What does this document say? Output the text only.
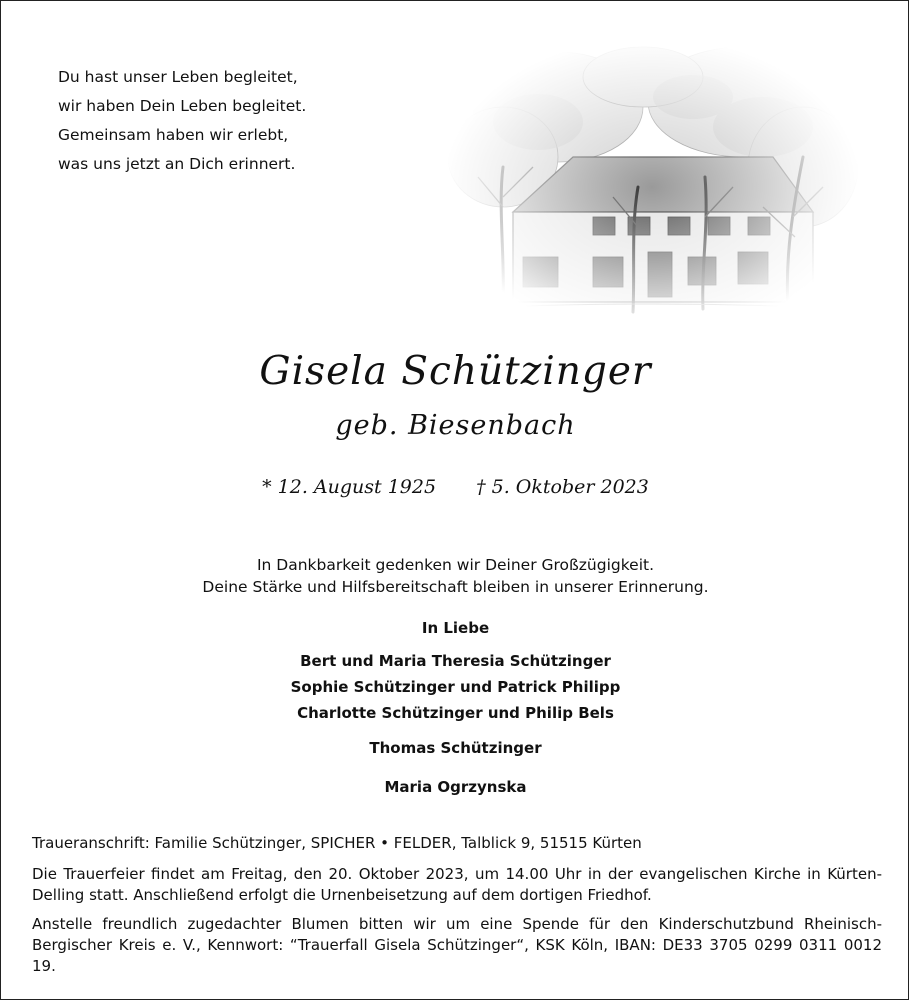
Du hast unser Leben begleitet,
wir haben Dein Leben begleitet.
Gemeinsam haben wir erlebt,
was uns jetzt an Dich erinnert.

Gisela Schützinger
geb. Biesenbach
* 12. August 1925 † 5. Oktober 2023
In Dankbarkeit gedenken wir Deiner Großzügigkeit.
Deine Stärke und Hilfsbereitschaft bleiben in unserer Erinnerung.
In Liebe
Bert und Maria Theresia Schützinger
Sophie Schützinger und Patrick Philipp
Charlotte Schützinger und Philip Bels
Thomas Schützinger
Maria Ogrzynska
Traueranschrift: Familie Schützinger, SPICHER • FELDER, Talblick 9, 51515 Kürten
Die Trauerfeier findet am Freitag, den 20. Oktober 2023, um 14.00 Uhr in der evangelischen Kirche in Kürten-Delling statt. Anschließend erfolgt die Urnenbeisetzung auf dem dortigen Friedhof.
Anstelle freundlich zugedachter Blumen bitten wir um eine Spende für den Kinderschutzbund Rheinisch-Bergischer Kreis e. V., Kennwort: “Trauerfall Gisela Schützinger“, KSK Köln, IBAN: DE33 3705 0299 0311 0012 19.
